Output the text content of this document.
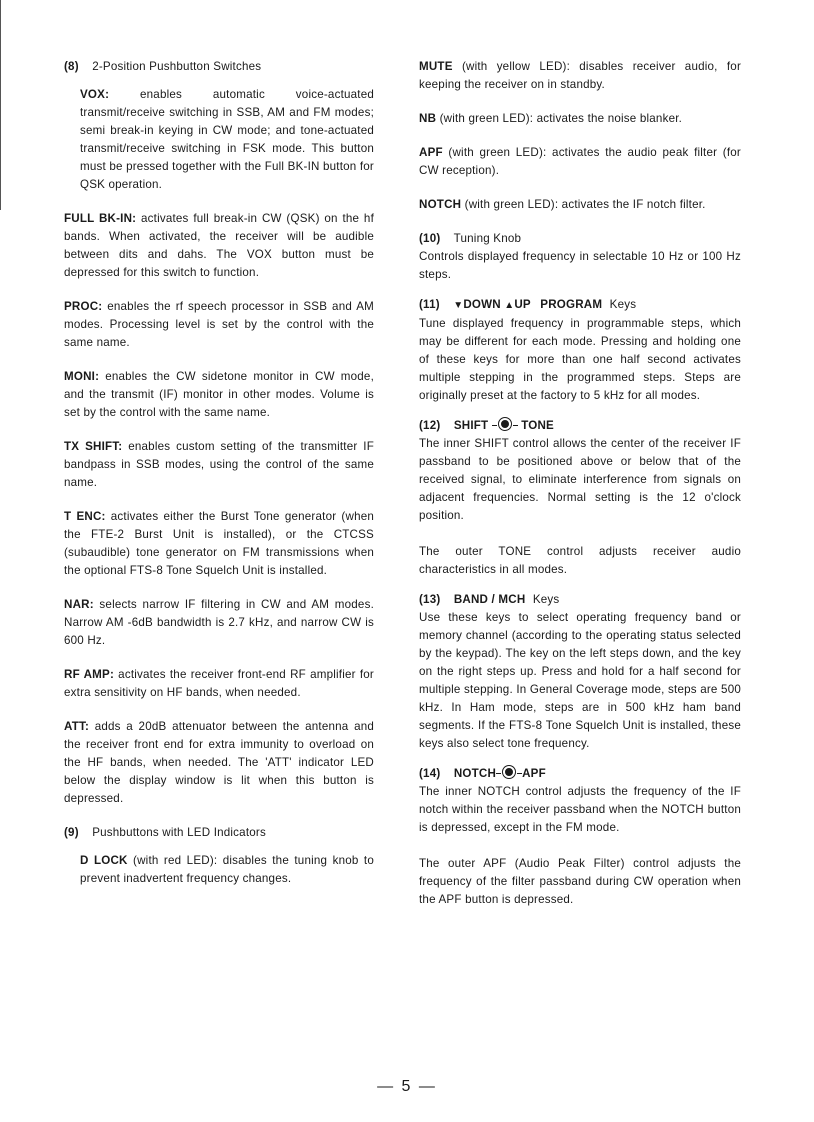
(8) 2-Position Pushbutton Switches

VOX:	enables automatic voice-actuated transmit/receive switching in SSB, AM and FM modes; semi break-in keying in CW mode; and tone-actuated transmit/receive switching in FSK mode. This button must be pressed together with the Full BK-IN button for QSK operation.

FULL BK-IN: activates full break-in CW (QSK) on the hf bands. When activated, the receiver will be audible between dits and dahs. The VOX button must be depressed for this switch to function.

PROC: enables the rf speech processor in SSB and AM modes. Processing level is set by the control with the same name.

MONI: enables the CW sidetone monitor in CW mode, and the transmit (IF) monitor in other modes. Volume is set by the control with the same name.

TX SHIFT: enables custom setting of the transmitter IF bandpass in SSB modes, using the control of the same name.

T ENC: activates either the Burst Tone generator (when the FTE-2 Burst Unit is installed), or the CTCSS (subaudible) tone generator on FM transmissions when the optional FTS-8 Tone Squelch Unit is installed.

NAR: selects narrow IF filtering in CW and AM modes. Narrow AM -6dB bandwidth is 2.7 kHz, and narrow CW is 600 Hz.

RF AMP: activates the receiver front-end RF amplifier for extra sensitivity on HF bands, when needed.

ATT: adds a 20dB attenuator between the antenna and the receiver front end for extra immunity to overload on the HF bands, when needed. The 'ATT' indicator LED below the display window is lit when this button is depressed.

(9) Pushbuttons with LED Indicators

D LOCK (with red LED): disables the tuning knob to prevent inadvertent frequency changes.

MUTE (with yellow LED): disables receiver audio, for keeping the receiver on in standby.

NB (with green LED): activates the noise blanker.

APF (with green LED): activates the audio peak filter (for CW reception).

NOTCH (with green LED): activates the IF notch filter.

(10) Tuning Knob

Controls displayed frequency in selectable 10 Hz or 100 Hz steps.

(11) ▼DOWN ▲UP PROGRAM Keys

Tune displayed frequency in programmable steps, which may be different for each mode. Pressing and holding one of these keys for more than one half second activates multiple stepping in the programmed steps. Steps are originally preset at the factory to 5 kHz for all modes.

(12) SHIFT	TONE

The inner SHIFT control allows the center of the receiver IF passband to be positioned above or below that of the received signal, to eliminate interference from signals on adjacent frequencies. Normal setting is the 12 o'clock position.

The outer TONE control adjusts receiver audio characteristics in all modes.

(13) BAND / MCH Keys

Use these keys to select operating frequency band or memory channel (according to the operating status selected by the keypad). The key on the left steps down, and the key on the right steps up. Press and hold for a half second for multiple stepping. In General Coverage mode, steps are 500 kHz. In Ham mode, steps are in 500 kHz ham band segments. If the FTS-8 Tone Squelch Unit is installed, these keys also select tone frequency.

(14) NOTCH APF

The inner NOTCH control adjusts the frequency of the IF notch within the receiver passband when the NOTCH button is depressed, except in the FM mode.

The outer APF (Audio Peak Filter) control adjusts the frequency of the filter passband during CW operation when the APF button is depressed.

— 5 —
